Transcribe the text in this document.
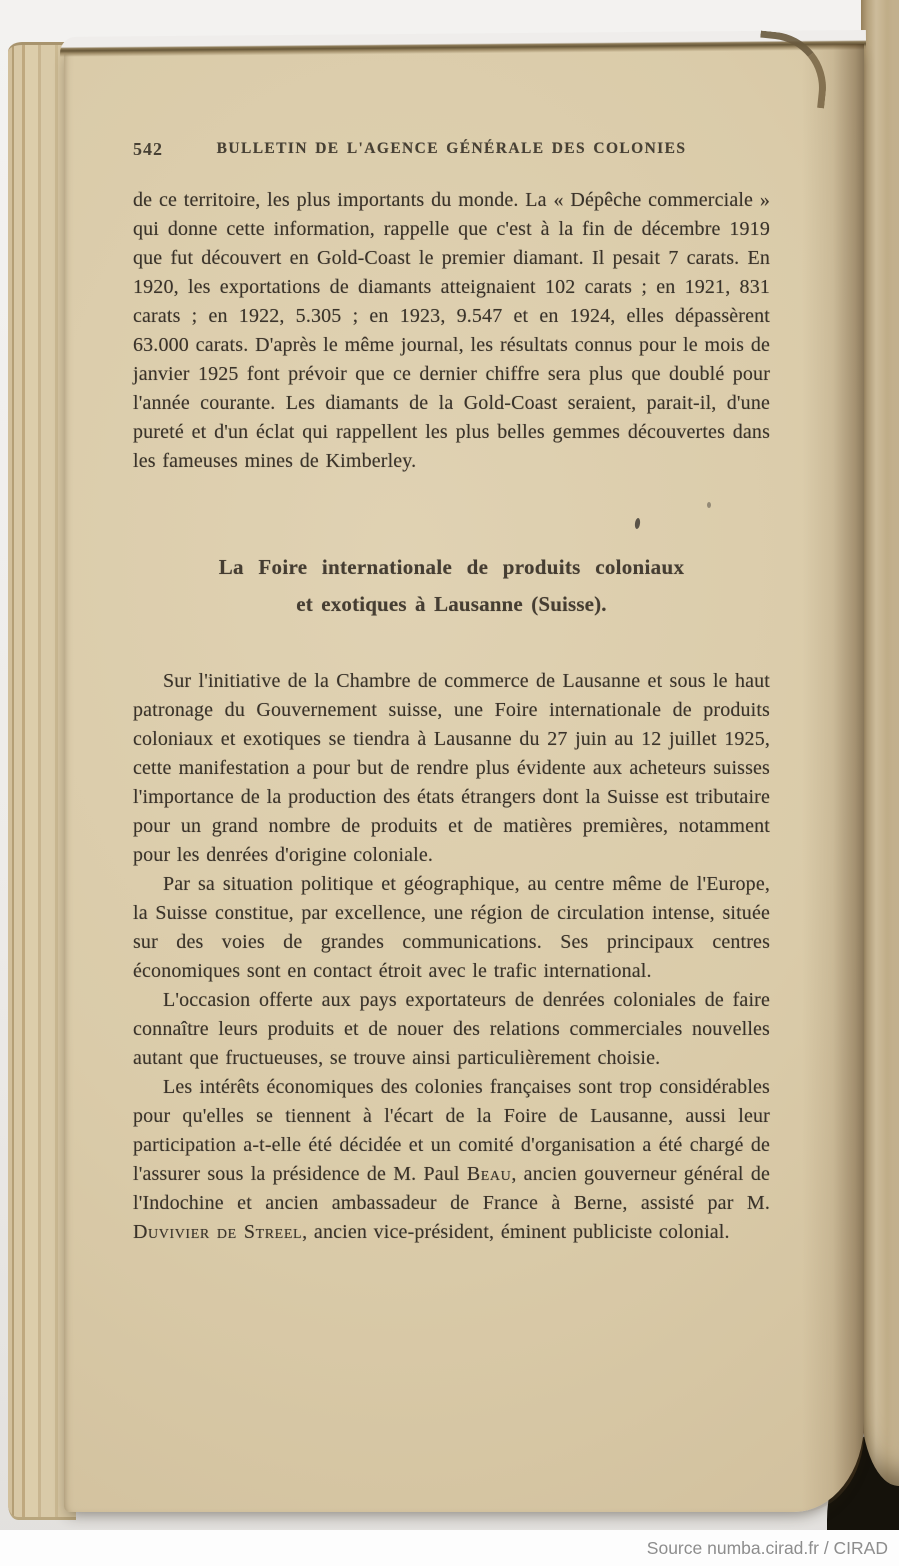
542	BULLETIN DE L'AGENCE GÉNÉRALE DES COLONIES

de ce territoire, les plus importants du monde. La « Dépêche commerciale » qui donne cette information, rappelle que c'est à la fin de décembre 1919 que fut découvert en Gold-Coast le premier diamant. Il pesait 7 carats. En 1920, les exportations de diamants atteignaient 102 carats ; en 1921, 831 carats ; en 1922, 5.305 ; en 1923, 9.547 et en 1924, elles dépassèrent 63.000 carats. D'après le même journal, les résultats connus pour le mois de janvier 1925 font prévoir que ce dernier chiffre sera plus que doublé pour l'année courante. Les diamants de la Gold-Coast seraient, parait-il, d'une pureté et d'un éclat qui rappellent les plus belles gemmes découvertes dans les fameuses mines de Kimberley.

La Foire internationale de produits coloniaux
et exotiques à Lausanne (Suisse).

Sur l'initiative de la Chambre de commerce de Lausanne et sous le haut patronage du Gouvernement suisse, une Foire internationale de produits coloniaux et exotiques se tiendra à Lausanne du 27 juin au 12 juillet 1925, cette manifestation a pour but de rendre plus évidente aux acheteurs suisses l'importance de la production des états étrangers dont la Suisse est tributaire pour un grand nombre de produits et de matières premières, notamment pour les denrées d'origine coloniale.

Par sa situation politique et géographique, au centre même de l'Europe, la Suisse constitue, par excellence, une région de circulation intense, située sur des voies de grandes communications. Ses principaux centres économiques sont en contact étroit avec le trafic international.

L'occasion offerte aux pays exportateurs de denrées coloniales de faire connaître leurs produits et de nouer des relations commerciales nouvelles autant que fructueuses, se trouve ainsi particulièrement choisie.

Les intérêts économiques des colonies françaises sont trop considérables pour qu'elles se tiennent à l'écart de la Foire de Lausanne, aussi leur participation a-t-elle été décidée et un comité d'organisation a été chargé de l'assurer sous la présidence de M. Paul Beau, ancien gouverneur général de l'Indochine et ancien ambassadeur de France à Berne, assisté par M. Duvivier de Streel, ancien vice-président, éminent publiciste colonial.

Source numba.cirad.fr / CIRAD
